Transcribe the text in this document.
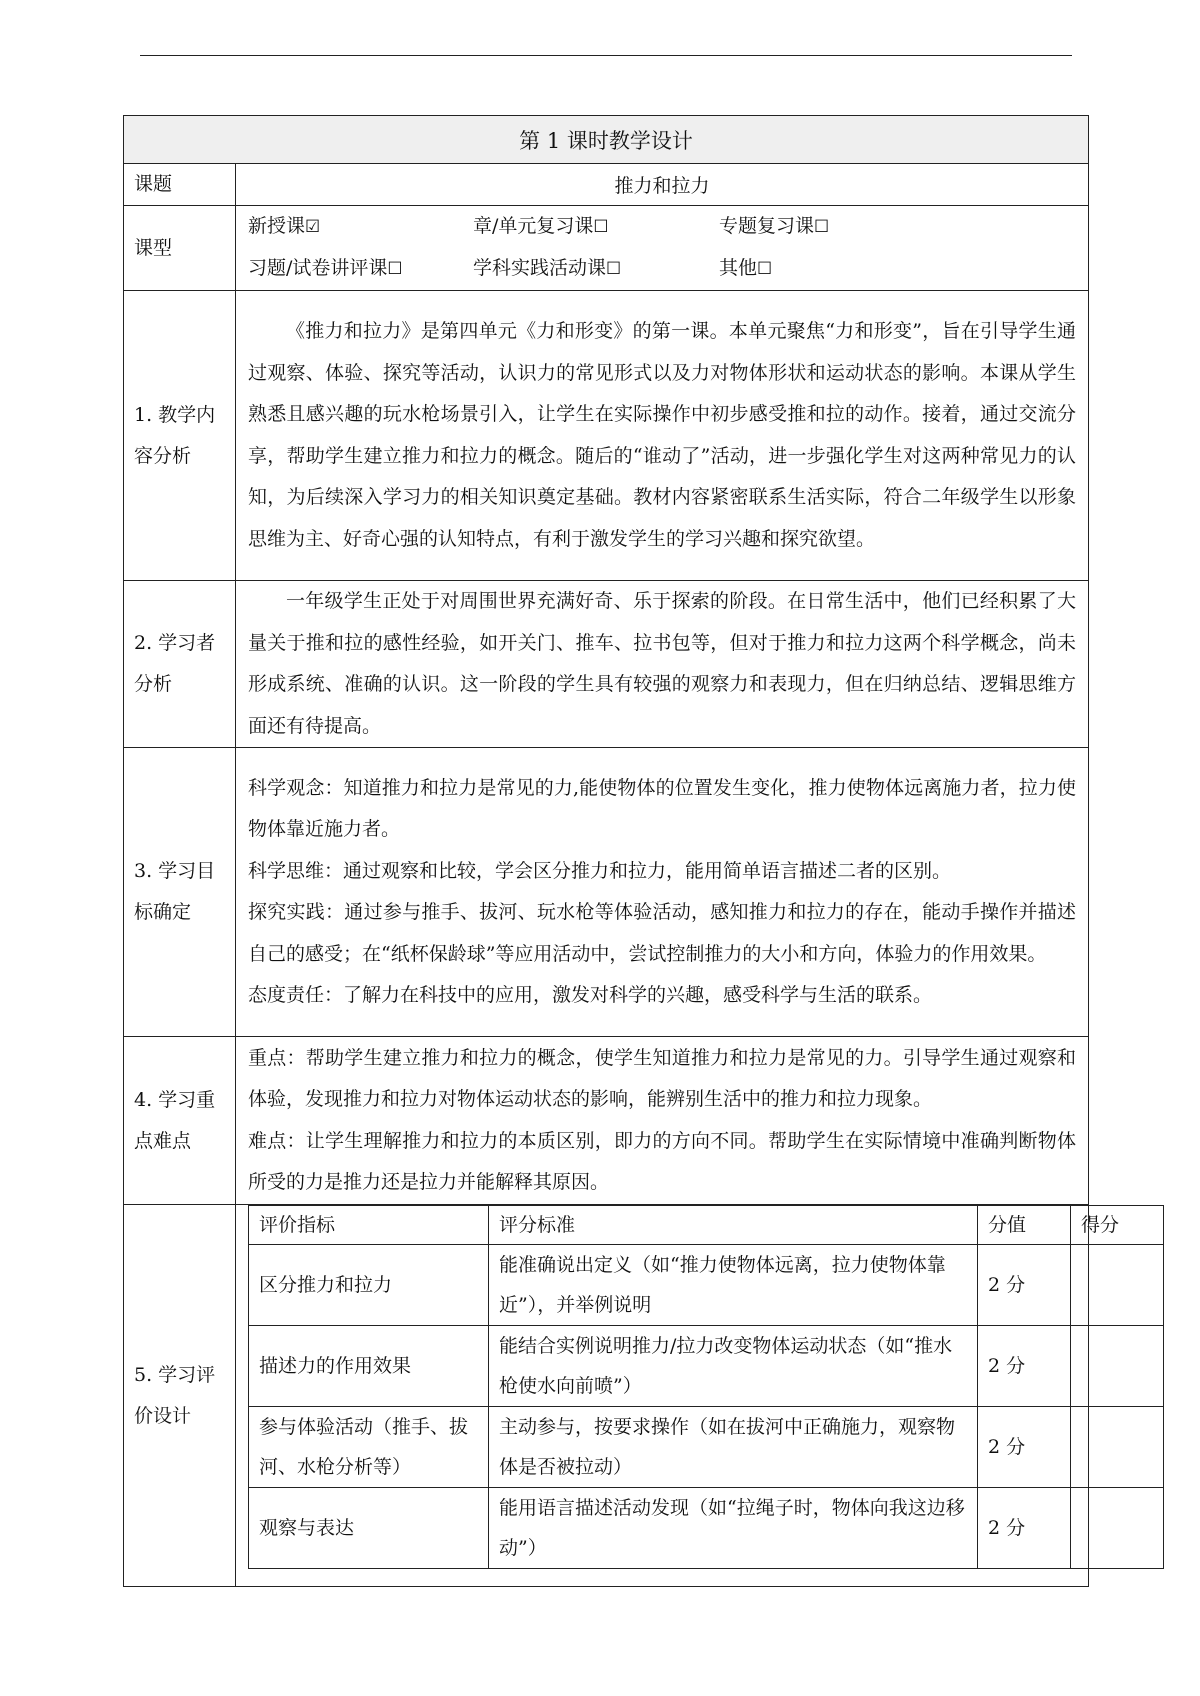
第 1 课时教学设计
课题	推力和拉力
课型	
新授课☑	章/单元复习课☐	专题复习课☐
习题/试卷讲评课☐	学科实践活动课☐	其他☐

1. 教学内容分析	

《推力和拉力》是第四单元《力和形变》的第一课。本单元聚焦“力和形变”，旨在引导学生通过观察、体验、探究等活动，认识力的常见形式以及力对物体形状和运动状态的影响。本课从学生熟悉且感兴趣的玩水枪场景引入，让学生在实际操作中初步感受推和拉的动作。接着，通过交流分享，帮助学生建立推力和拉力的概念。随后的“谁动了”活动，进一步强化学生对这两种常见力的认知，为后续深入学习力的相关知识奠定基础。教材内容紧密联系生活实际，符合二年级学生以形象思维为主、好奇心强的认知特点，有利于激发学生的学习兴趣和探究欲望。

2. 学习者分析	

一年级学生正处于对周围世界充满好奇、乐于探索的阶段。在日常生活中，他们已经积累了大量关于推和拉的感性经验，如开关门、推车、拉书包等，但对于推力和拉力这两个科学概念，尚未形成系统、准确的认识。这一阶段的学生具有较强的观察力和表现力，但在归纳总结、逻辑思维方面还有待提高。

3. 学习目标确定	

科学观念：知道推力和拉力是常见的力,能使物体的位置发生变化，推力使物体远离施力者，拉力使物体靠近施力者。

科学思维：通过观察和比较，学会区分推力和拉力，能用简单语言描述二者的区别。

探究实践：通过参与推手、拔河、玩水枪等体验活动，感知推力和拉力的存在，能动手操作并描述自己的感受；在“纸杯保龄球”等应用活动中，尝试控制推力的大小和方向，体验力的作用效果。

态度责任：了解力在科技中的应用，激发对科学的兴趣，感受科学与生活的联系。

4. 学习重点难点	

重点：帮助学生建立推力和拉力的概念，使学生知道推力和拉力是常见的力。引导学生通过观察和体验，发现推力和拉力对物体运动状态的影响，能辨别生活中的推力和拉力现象。

难点：让学生理解推力和拉力的本质区别，即力的方向不同。帮助学生在实际情境中准确判断物体所受的力是推力还是拉力并能解释其原因。

5. 学习评价设计	
评价指标	评分标准	分值	得分
区分推力和拉力	能准确说出定义（如“推力使物体远离，拉力使物体靠近”），并举例说明	2 分	
描述力的作用效果	能结合实例说明推力/拉力改变物体运动状态（如“推水枪使水向前喷”）	2 分	
参与体验活动（推手、拔河、水枪分析等）	主动参与，按要求操作（如在拔河中正确施力，观察物体是否被拉动）	2 分	
观察与表达	能用语言描述活动发现（如“拉绳子时，物体向我这边移动”）	2 分	
